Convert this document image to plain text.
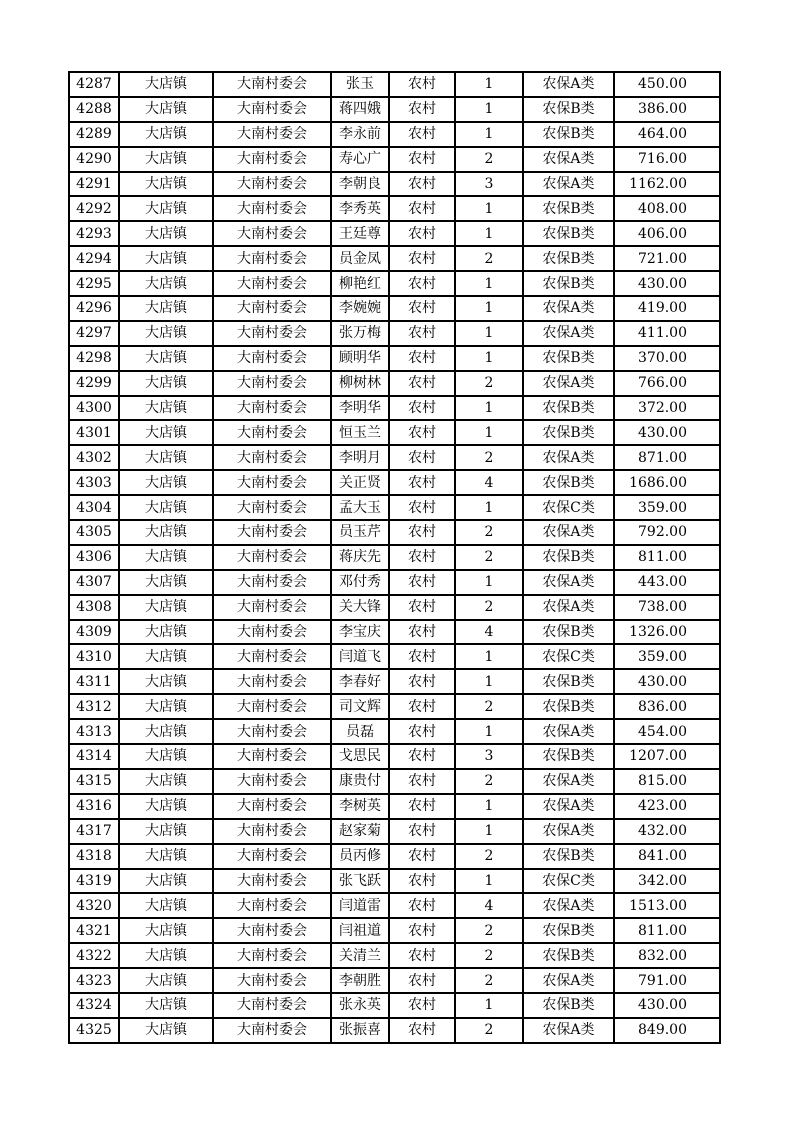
4287	大店镇	大南村委会	张玉	农村	1	农保A类	450.00
4288	大店镇	大南村委会	蒋四娥	农村	1	农保B类	386.00
4289	大店镇	大南村委会	李永前	农村	1	农保B类	464.00
4290	大店镇	大南村委会	寿心广	农村	2	农保A类	716.00
4291	大店镇	大南村委会	李朝良	农村	3	农保A类	1162.00
4292	大店镇	大南村委会	李秀英	农村	1	农保B类	408.00
4293	大店镇	大南村委会	王廷尊	农村	1	农保B类	406.00
4294	大店镇	大南村委会	员金凤	农村	2	农保B类	721.00
4295	大店镇	大南村委会	柳艳红	农村	1	农保B类	430.00
4296	大店镇	大南村委会	李婉婉	农村	1	农保A类	419.00
4297	大店镇	大南村委会	张万梅	农村	1	农保A类	411.00
4298	大店镇	大南村委会	顾明华	农村	1	农保B类	370.00
4299	大店镇	大南村委会	柳树林	农村	2	农保A类	766.00
4300	大店镇	大南村委会	李明华	农村	1	农保B类	372.00
4301	大店镇	大南村委会	恒玉兰	农村	1	农保B类	430.00
4302	大店镇	大南村委会	李明月	农村	2	农保A类	871.00
4303	大店镇	大南村委会	关正贤	农村	4	农保B类	1686.00
4304	大店镇	大南村委会	孟大玉	农村	1	农保C类	359.00
4305	大店镇	大南村委会	员玉芹	农村	2	农保A类	792.00
4306	大店镇	大南村委会	蒋庆先	农村	2	农保B类	811.00
4307	大店镇	大南村委会	邓付秀	农村	1	农保A类	443.00
4308	大店镇	大南村委会	关大锋	农村	2	农保A类	738.00
4309	大店镇	大南村委会	李宝庆	农村	4	农保B类	1326.00
4310	大店镇	大南村委会	闫道飞	农村	1	农保C类	359.00
4311	大店镇	大南村委会	李春好	农村	1	农保B类	430.00
4312	大店镇	大南村委会	司文辉	农村	2	农保B类	836.00
4313	大店镇	大南村委会	员磊	农村	1	农保A类	454.00
4314	大店镇	大南村委会	戈思民	农村	3	农保B类	1207.00
4315	大店镇	大南村委会	康贵付	农村	2	农保A类	815.00
4316	大店镇	大南村委会	李树英	农村	1	农保A类	423.00
4317	大店镇	大南村委会	赵家菊	农村	1	农保A类	432.00
4318	大店镇	大南村委会	员丙修	农村	2	农保B类	841.00
4319	大店镇	大南村委会	张飞跃	农村	1	农保C类	342.00
4320	大店镇	大南村委会	闫道雷	农村	4	农保A类	1513.00
4321	大店镇	大南村委会	闫祖道	农村	2	农保B类	811.00
4322	大店镇	大南村委会	关清兰	农村	2	农保B类	832.00
4323	大店镇	大南村委会	李朝胜	农村	2	农保A类	791.00
4324	大店镇	大南村委会	张永英	农村	1	农保B类	430.00
4325	大店镇	大南村委会	张振喜	农村	2	农保A类	849.00
